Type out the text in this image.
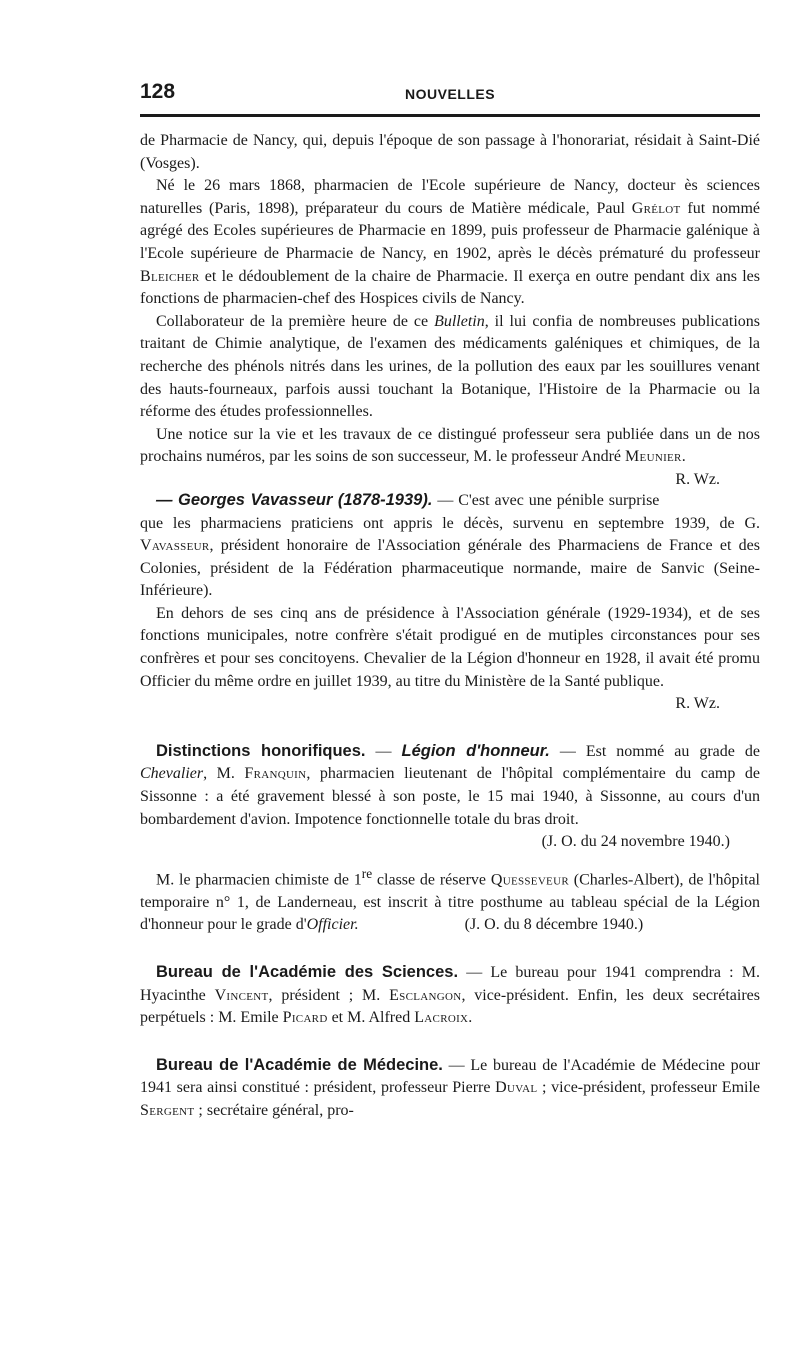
128	NOUVELLES

de Pharmacie de Nancy, qui, depuis l'époque de son passage à l'honorariat, résidait à Saint-Dié (Vosges).

Né le 26 mars 1868, pharmacien de l'Ecole supérieure de Nancy, docteur ès sciences naturelles (Paris, 1898), préparateur du cours de Matière médicale, Paul Grélot fut nommé agrégé des Ecoles supérieures de Pharmacie en 1899, puis professeur de Pharmacie galénique à l'Ecole supérieure de Pharmacie de Nancy, en 1902, après le décès prématuré du professeur Bleicher et le dédoublement de la chaire de Pharmacie. Il exerça en outre pendant dix ans les fonctions de pharmacien-chef des Hospices civils de Nancy.

Collaborateur de la première heure de ce Bulletin, il lui confia de nombreuses publications traitant de Chimie analytique, de l'examen des médicaments galéniques et chimiques, de la recherche des phénols nitrés dans les urines, de la pollution des eaux par les souillures venant des hauts-fourneaux, parfois aussi touchant la Botanique, l'Histoire de la Pharmacie ou la réforme des études professionnelles.

Une notice sur la vie et les travaux de ce distingué professeur sera publiée dans un de nos prochains numéros, par les soins de son successeur, M. le professeur André Meunier.
R. Wz.

— Georges Vavasseur (1878-1939). — C'est avec une pénible surprise que les pharmaciens praticiens ont appris le décès, survenu en septembre 1939, de G. Vavasseur, président honoraire de l'Association générale des Pharmaciens de France et des Colonies, président de la Fédération pharmaceutique normande, maire de Sanvic (Seine-Inférieure).

En dehors de ses cinq ans de présidence à l'Association générale (1929-1934), et de ses fonctions municipales, notre confrère s'était prodigué en de mutiples circonstances pour ses confrères et pour ses concitoyens. Chevalier de la Légion d'honneur en 1928, il avait été promu Officier du même ordre en juillet 1939, au titre du Ministère de la Santé publique.

R. Wz.

Distinctions honorifiques. — Légion d'honneur. — Est nommé au grade de Chevalier, M. Franquin, pharmacien lieutenant de l'hôpital complémentaire du camp de Sissonne : a été gravement blessé à son poste, le 15 mai 1940, à Sissonne, au cours d'un bombardement d'avion. Impotence fonctionnelle totale du bras droit.

(J. O. du 24 novembre 1940.)

M. le pharmacien chimiste de 1re classe de réserve Quesseveur (Charles-Albert), de l'hôpital temporaire n° 1, de Landerneau, est inscrit à titre posthume au tableau spécial de la Légion d'honneur pour le grade d'Officier.	(J. O. du 8 décembre 1940.)

Bureau de l'Académie des Sciences. — Le bureau pour 1941 comprendra : M. Hyacinthe Vincent, président ; M. Esclangon, vice-président. Enfin, les deux secrétaires perpétuels : M. Emile Picard et M. Alfred Lacroix.

Bureau de l'Académie de Médecine. — Le bureau de l'Académie de Médecine pour 1941 sera ainsi constitué : président, professeur Pierre Duval ; vice-président, professeur Emile Sergent ; secrétaire général, pro-
